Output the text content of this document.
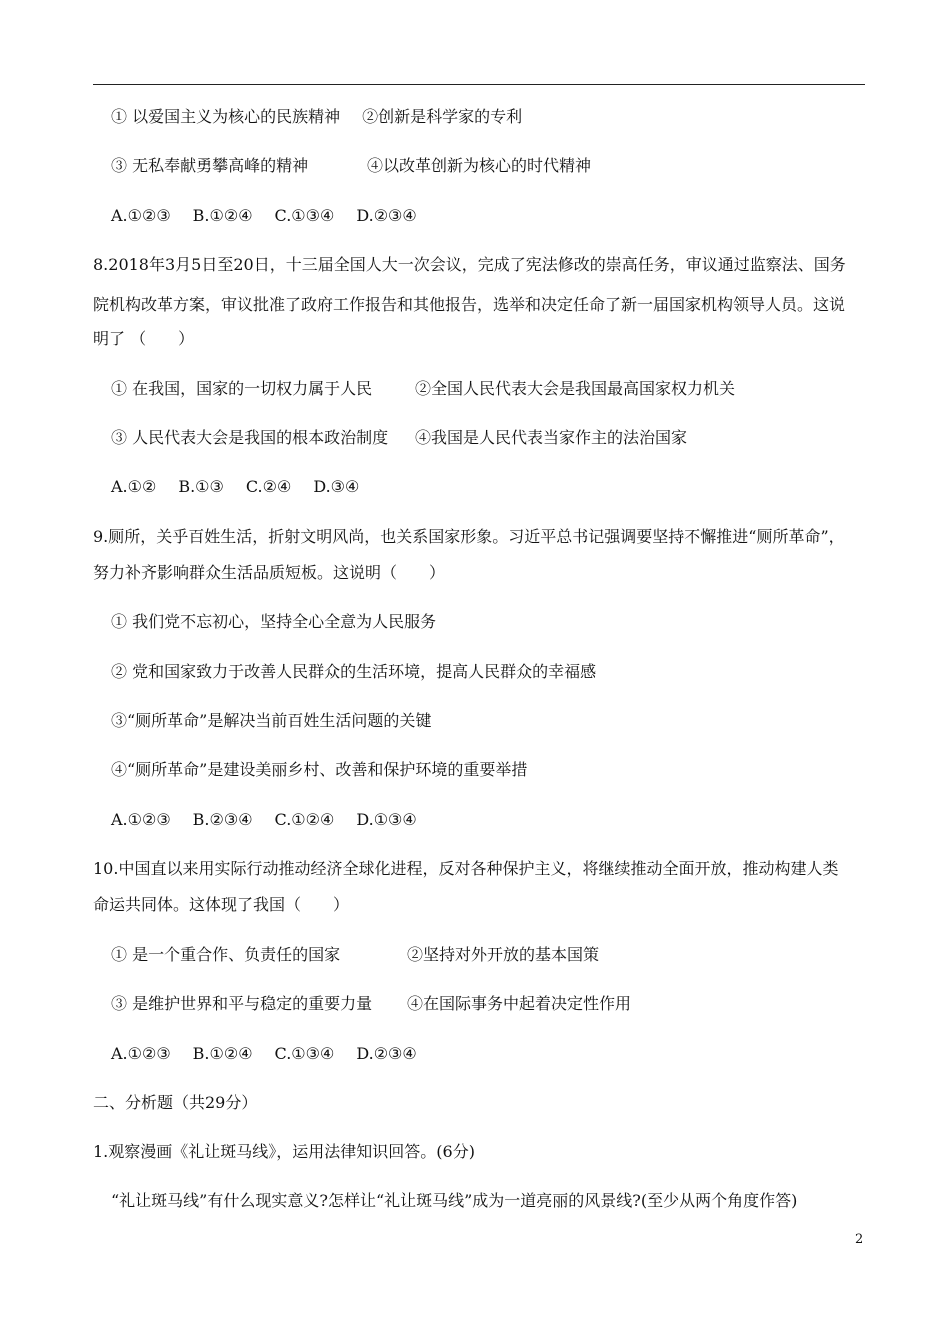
① 以爱国主义为核心的民族精神 ②创新是科学家的专利
③ 无私奉献勇攀高峰的精神	④以改革创新为核心的时代精神
A.①②③ B.①②④ C.①③④ D.②③④
8.2018年3月5日至20日，十三届全国人大一次会议，完成了宪法修改的崇高任务，审议通过监察法、国务
院机构改革方案，审议批准了政府工作报告和其他报告，选举和决定任命了新一届国家机构领导人员。这说
明了 （　　）
① 在我国，国家的一切权力属于人民	②全国人民代表大会是我国最高国家权力机关
③ 人民代表大会是我国的根本政治制度 ④我国是人民代表当家作主的法治国家
A.①② B.①③ C.②④ D.③④
9.厕所，关乎百姓生活，折射文明风尚，也关系国家形象。习近平总书记强调要坚持不懈推进“厕所革命”，
努力补齐影响群众生活品质短板。这说明（　　）
① 我们党不忘初心，坚持全心全意为人民服务
② 党和国家致力于改善人民群众的生活环境，提高人民群众的幸福感
③“厕所革命”是解决当前百姓生活问题的关键
④“厕所革命”是建设美丽乡村、改善和保护环境的重要举措
A.①②③ B.②③④ C.①②④ D.①③④
10.中国直以来用实际行动推动经济全球化进程，反对各种保护主义，将继续推动全面开放，推动构建人类
命运共同体。这体现了我国（　　）
① 是一个重合作、负责任的国家	②坚持对外开放的基本国策
③ 是维护世界和平与稳定的重要力量 ④在国际事务中起着决定性作用
A.①②③ B.①②④ C.①③④ D.②③④
二、分析题（共29分）
1.观察漫画《礼让斑马线》，运用法律知识回答。(6分)
“礼让斑马线”有什么现实意义?怎样让“礼让斑马线”成为一道亮丽的风景线?(至少从两个角度作答)
2
